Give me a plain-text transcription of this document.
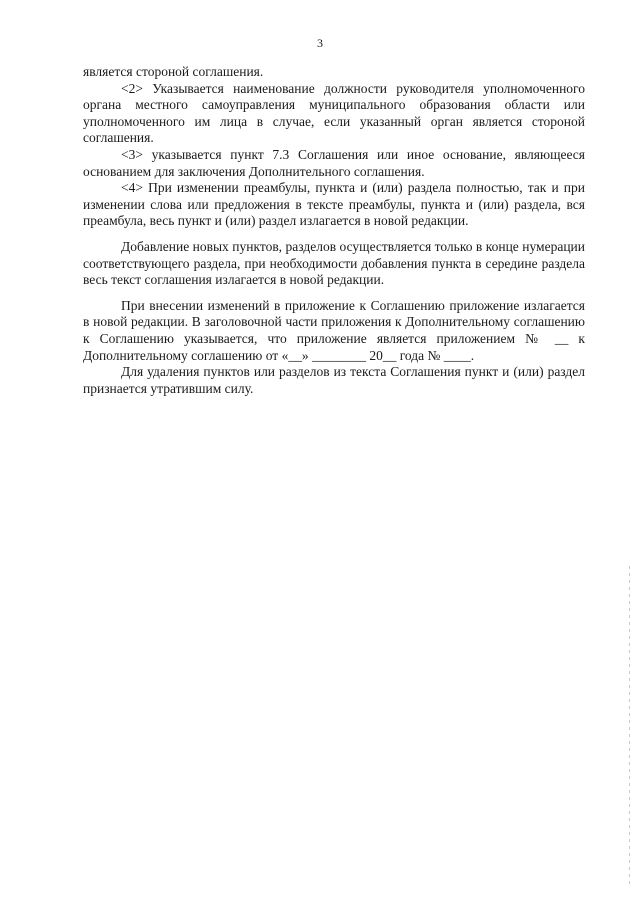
3

является стороной соглашения.

<2> Указывается наименование должности руководителя уполномоченного органа местного самоуправления муниципального образования области или уполномоченного им лица в случае, если указанный орган является стороной соглашения.

<3> указывается пункт 7.3 Соглашения или иное основание, являющееся основанием для заключения Дополнительного соглашения.

<4> При изменении преамбулы, пункта и (или) раздела полностью, так и при изменении слова или предложения в тексте преамбулы, пункта и (или) раздела, вся преамбула, весь пункт и (или) раздел излагается в новой редакции.

Добавление новых пунктов, разделов осуществляется только в конце нумерации соответствующего раздела, при необходимости добавления пункта в середине раздела весь текст соглашения излагается в новой редакции.

При внесении изменений в приложение к Соглашению приложение излагается в новой редакции. В заголовочной части приложения к Дополнительному соглашению к Соглашению указывается, что приложение является приложением № __ к Дополнительному соглашению от «__» ________ 20__ года № ____.

Для удаления пунктов или разделов из текста Соглашения пункт и (или) раздел признается утратившим силу.
